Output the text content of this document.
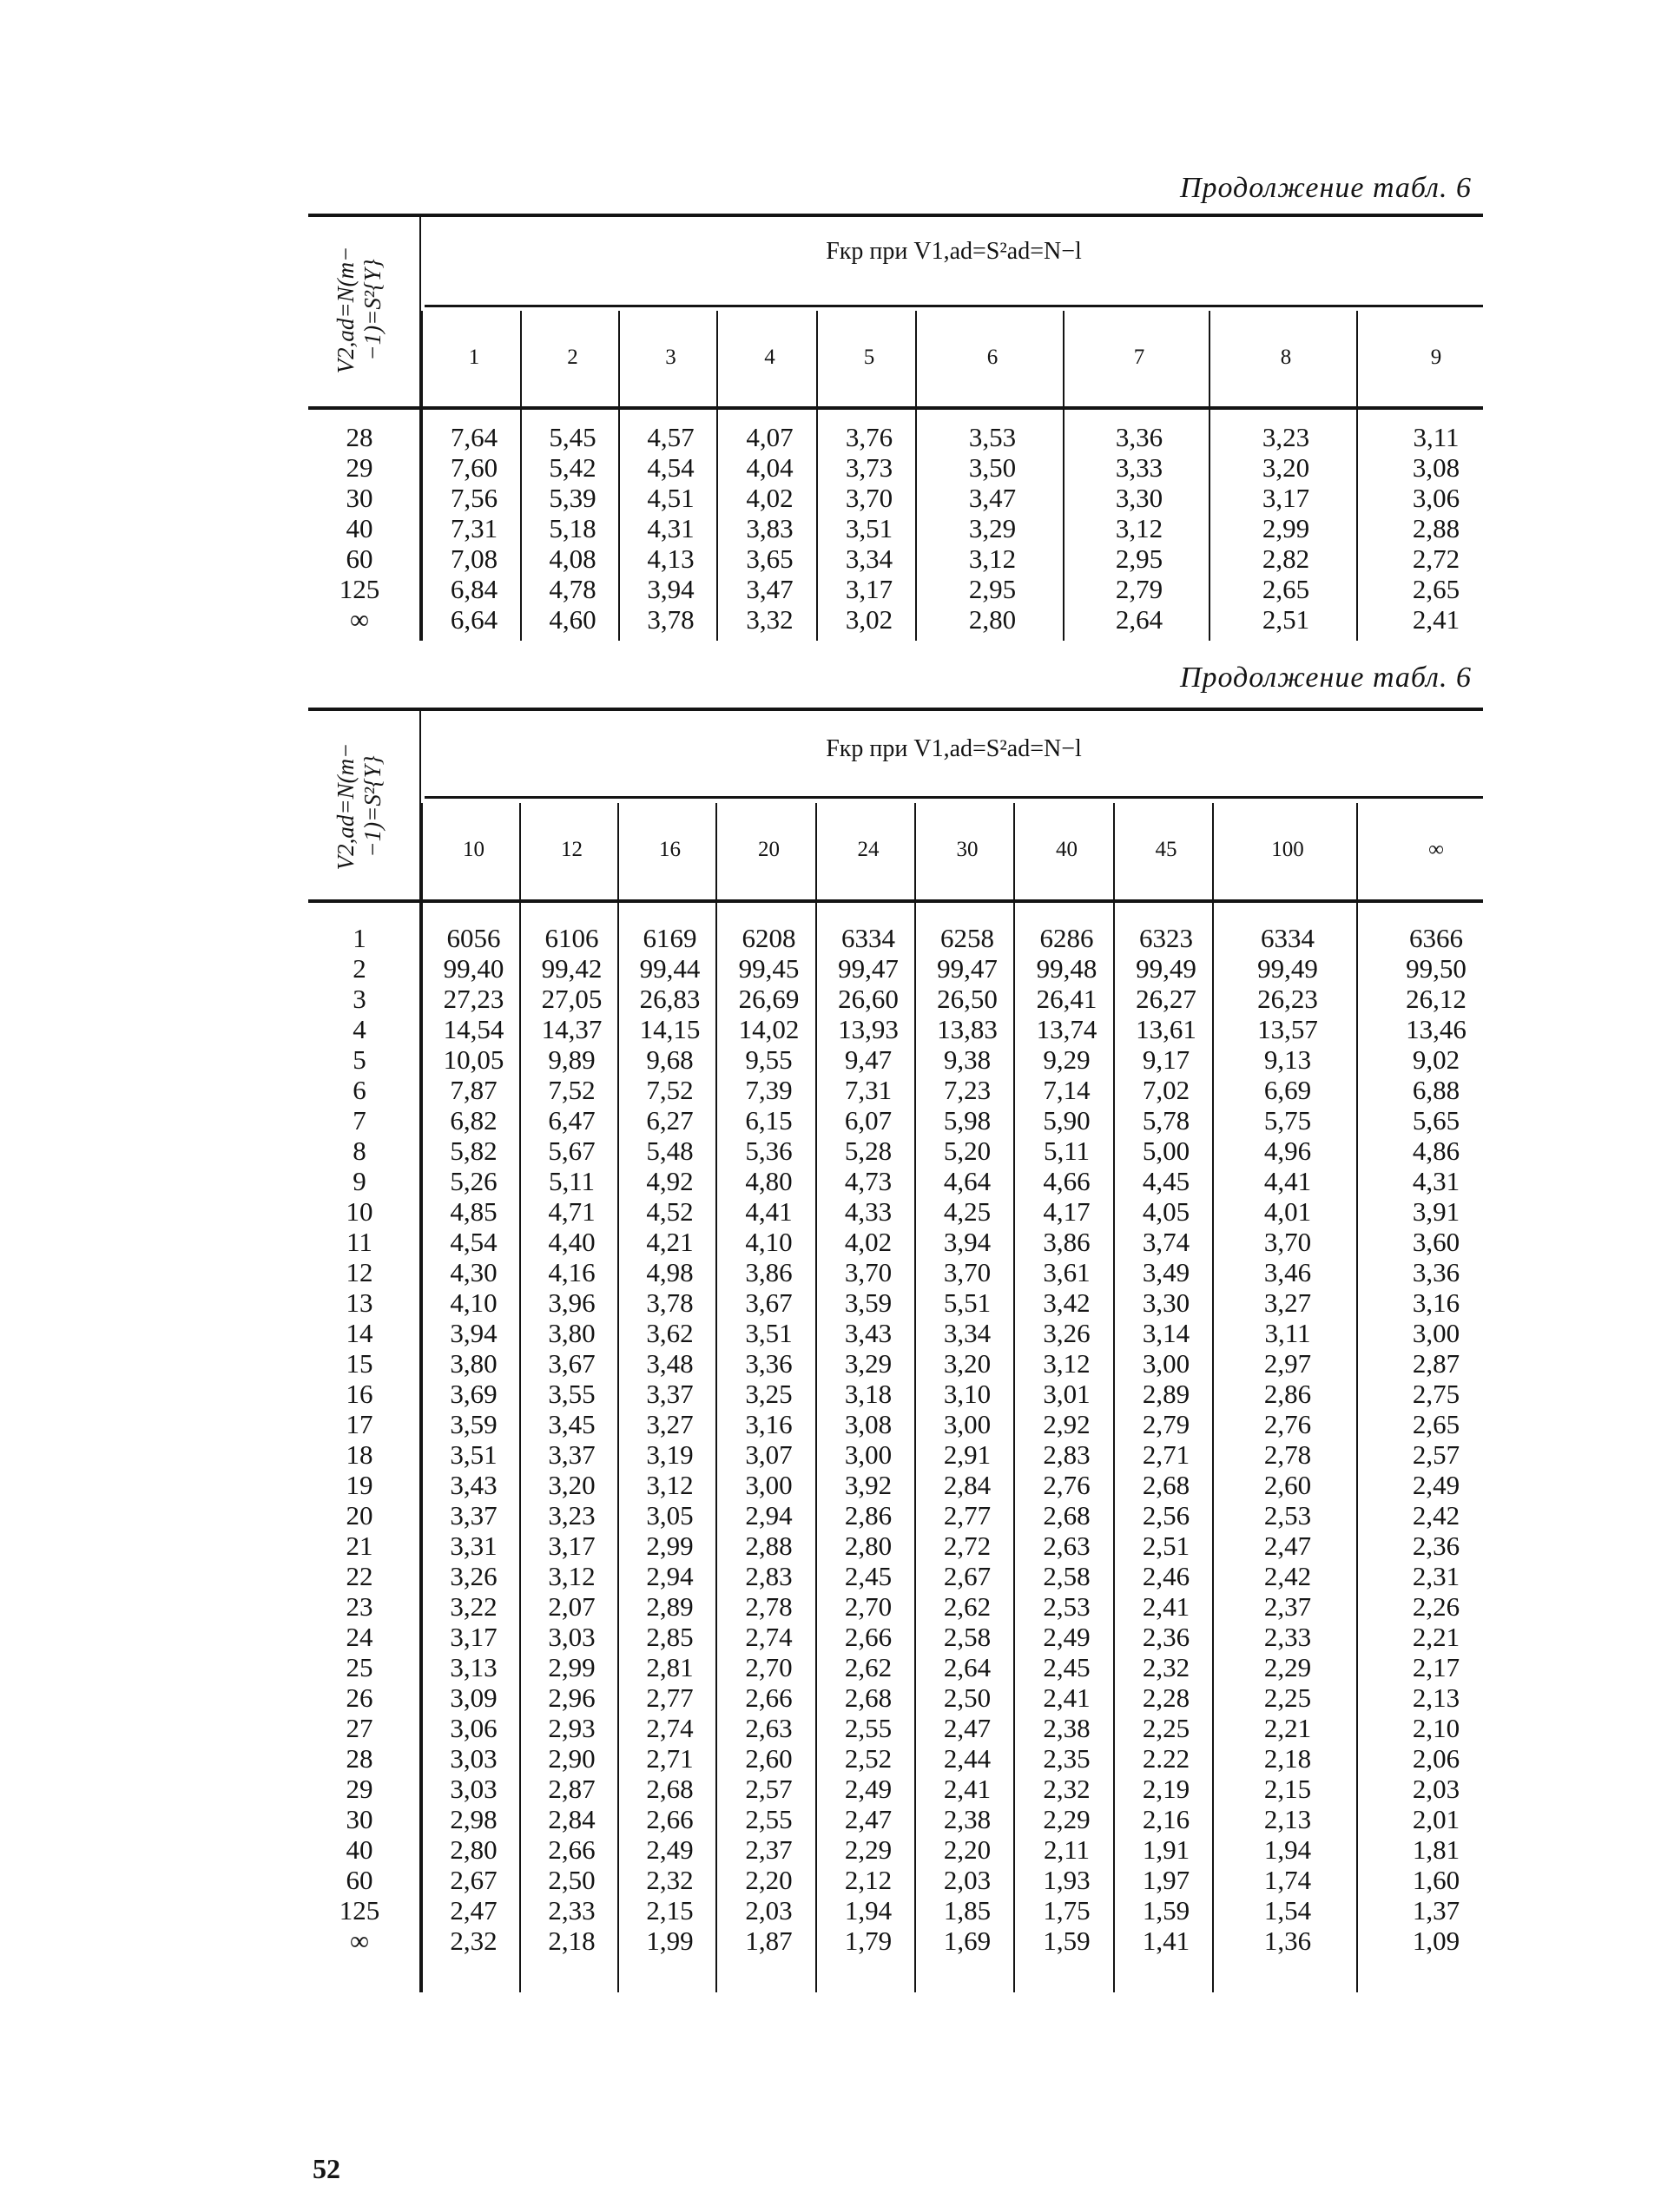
Продолжение табл. 6
V2,ad=N(m− −1)=S²{Y}
Fкр при V1,ad=S²ad=N−l
28
29
30
40
60
125
∞
1
7,64
7,60
7,56
7,31
7,08
6,84
6,64
2
5,45
5,42
5,39
5,18
4,08
4,78
4,60
3
4,57
4,54
4,51
4,31
4,13
3,94
3,78
4
4,07
4,04
4,02
3,83
3,65
3,47
3,32
5
3,76
3,73
3,70
3,51
3,34
3,17
3,02
6
3,53
3,50
3,47
3,29
3,12
2,95
2,80
7
3,36
3,33
3,30
3,12
2,95
2,79
2,64
8
3,23
3,20
3,17
2,99
2,82
2,65
2,51
9
3,11
3,08
3,06
2,88
2,72
2,65
2,41
Продолжение табл. 6
V2,ad=N(m− −1)=S²{Y}
Fкр при V1,ad=S²ad=N−l
1
2
3
4
5
6
7
8
9
10
11
12
13
14
15
16
17
18
19
20
21
22
23
24
25
26
27
28
29
30
40
60
125
∞
10
6056
99,40
27,23
14,54
10,05
7,87
6,82
5,82
5,26
4,85
4,54
4,30
4,10
3,94
3,80
3,69
3,59
3,51
3,43
3,37
3,31
3,26
3,22
3,17
3,13
3,09
3,06
3,03
3,03
2,98
2,80
2,67
2,47
2,32
12
6106
99,42
27,05
14,37
9,89
7,52
6,47
5,67
5,11
4,71
4,40
4,16
3,96
3,80
3,67
3,55
3,45
3,37
3,20
3,23
3,17
3,12
2,07
3,03
2,99
2,96
2,93
2,90
2,87
2,84
2,66
2,50
2,33
2,18
16
6169
99,44
26,83
14,15
9,68
7,52
6,27
5,48
4,92
4,52
4,21
4,98
3,78
3,62
3,48
3,37
3,27
3,19
3,12
3,05
2,99
2,94
2,89
2,85
2,81
2,77
2,74
2,71
2,68
2,66
2,49
2,32
2,15
1,99
20
6208
99,45
26,69
14,02
9,55
7,39
6,15
5,36
4,80
4,41
4,10
3,86
3,67
3,51
3,36
3,25
3,16
3,07
3,00
2,94
2,88
2,83
2,78
2,74
2,70
2,66
2,63
2,60
2,57
2,55
2,37
2,20
2,03
1,87
24
6334
99,47
26,60
13,93
9,47
7,31
6,07
5,28
4,73
4,33
4,02
3,70
3,59
3,43
3,29
3,18
3,08
3,00
3,92
2,86
2,80
2,45
2,70
2,66
2,62
2,68
2,55
2,52
2,49
2,47
2,29
2,12
1,94
1,79
30
6258
99,47
26,50
13,83
9,38
7,23
5,98
5,20
4,64
4,25
3,94
3,70
5,51
3,34
3,20
3,10
3,00
2,91
2,84
2,77
2,72
2,67
2,62
2,58
2,64
2,50
2,47
2,44
2,41
2,38
2,20
2,03
1,85
1,69
40
6286
99,48
26,41
13,74
9,29
7,14
5,90
5,11
4,66
4,17
3,86
3,61
3,42
3,26
3,12
3,01
2,92
2,83
2,76
2,68
2,63
2,58
2,53
2,49
2,45
2,41
2,38
2,35
2,32
2,29
2,11
1,93
1,75
1,59
45
6323
99,49
26,27
13,61
9,17
7,02
5,78
5,00
4,45
4,05
3,74
3,49
3,30
3,14
3,00
2,89
2,79
2,71
2,68
2,56
2,51
2,46
2,41
2,36
2,32
2,28
2,25
2.22
2,19
2,16
1,91
1,97
1,59
1,41
100
6334
99,49
26,23
13,57
9,13
6,69
5,75
4,96
4,41
4,01
3,70
3,46
3,27
3,11
2,97
2,86
2,76
2,78
2,60
2,53
2,47
2,42
2,37
2,33
2,29
2,25
2,21
2,18
2,15
2,13
1,94
1,74
1,54
1,36
∞
6366
99,50
26,12
13,46
9,02
6,88
5,65
4,86
4,31
3,91
3,60
3,36
3,16
3,00
2,87
2,75
2,65
2,57
2,49
2,42
2,36
2,31
2,26
2,21
2,17
2,13
2,10
2,06
2,03
2,01
1,81
1,60
1,37
1,09
52
